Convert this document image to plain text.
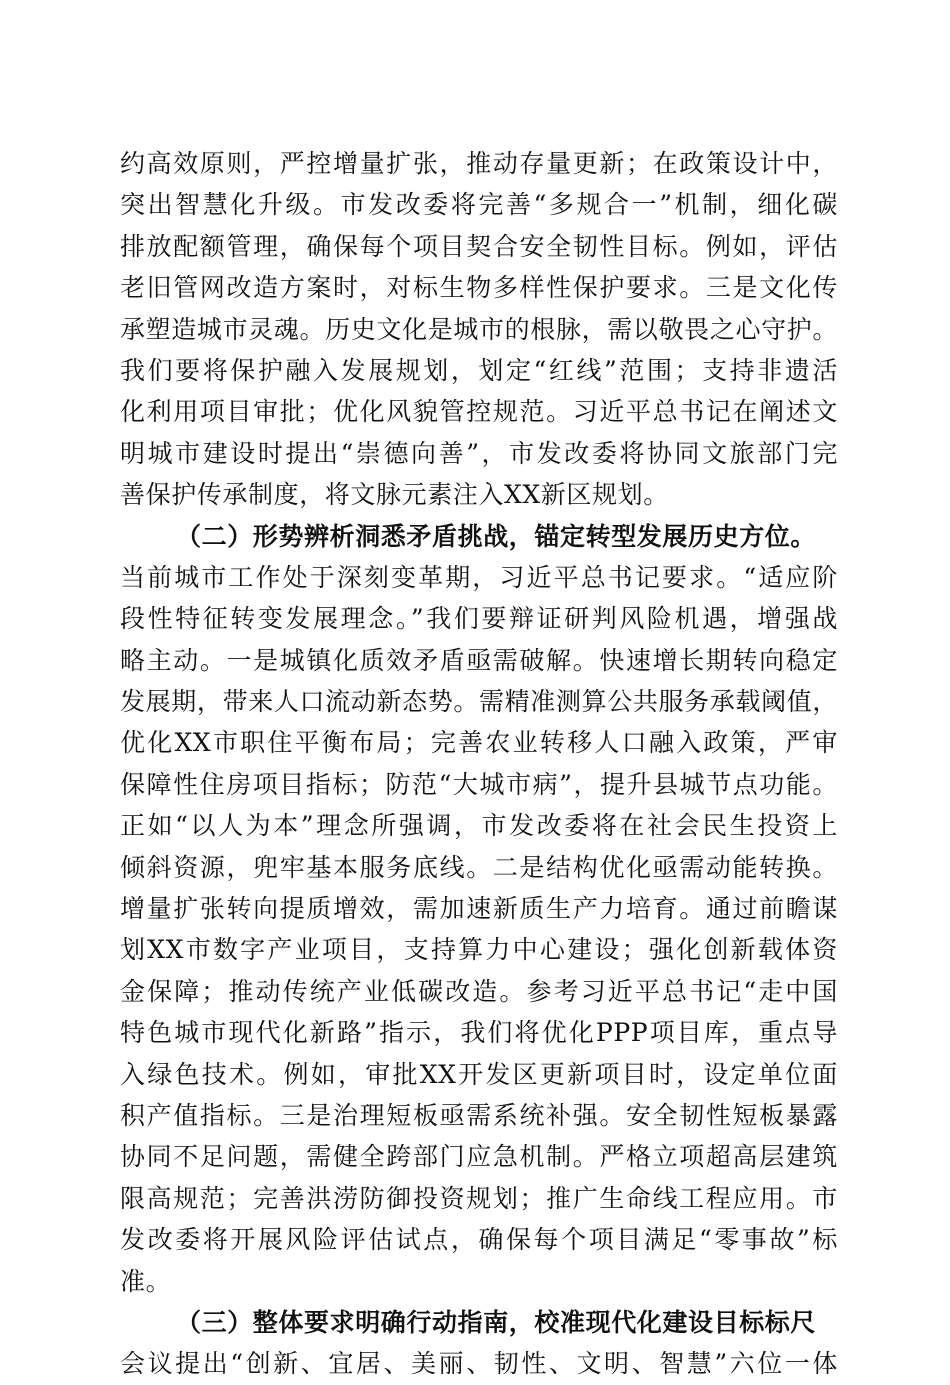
约高效原则，严控增量扩张，推动存量更新；在政策设计中，
突出智慧化升级。市发改委将完善“多规合一”机制，细化碳
排放配额管理，确保每个项目契合安全韧性目标。例如，评估
老旧管网改造方案时，对标生物多样性保护要求。三是文化传
承塑造城市灵魂。历史文化是城市的根脉，需以敬畏之心守护。
我们要将保护融入发展规划，划定“红线”范围；支持非遗活
化利用项目审批；优化风貌管控规范。习近平总书记在阐述文
明城市建设时提出“崇德向善”，市发改委将协同文旅部门完
善保护传承制度，将文脉元素注入XX新区规划。
（二）形势辨析洞悉矛盾挑战，锚定转型发展历史方位。
当前城市工作处于深刻变革期，习近平总书记要求。“适应阶
段性特征转变发展理念。”我们要辩证研判风险机遇，增强战
略主动。一是城镇化质效矛盾亟需破解。快速增长期转向稳定
发展期，带来人口流动新态势。需精准测算公共服务承载阈值，
优化XX市职住平衡布局；完善农业转移人口融入政策，严审
保障性住房项目指标；防范“大城市病”，提升县城节点功能。
正如“以人为本”理念所强调，市发改委将在社会民生投资上
倾斜资源，兜牢基本服务底线。二是结构优化亟需动能转换。
增量扩张转向提质增效，需加速新质生产力培育。通过前瞻谋
划XX市数字产业项目，支持算力中心建设；强化创新载体资
金保障；推动传统产业低碳改造。参考习近平总书记“走中国
特色城市现代化新路”指示，我们将优化PPP项目库，重点导
入绿色技术。例如，审批XX开发区更新项目时，设定单位面
积产值指标。三是治理短板亟需系统补强。安全韧性短板暴露
协同不足问题，需健全跨部门应急机制。严格立项超高层建筑
限高规范；完善洪涝防御投资规划；推广生命线工程应用。市
发改委将开展风险评估试点，确保每个项目满足“零事故”标
准。
（三）整体要求明确行动指南，校准现代化建设目标标尺
会议提出“创新、宜居、美丽、韧性、文明、智慧”六位一体
